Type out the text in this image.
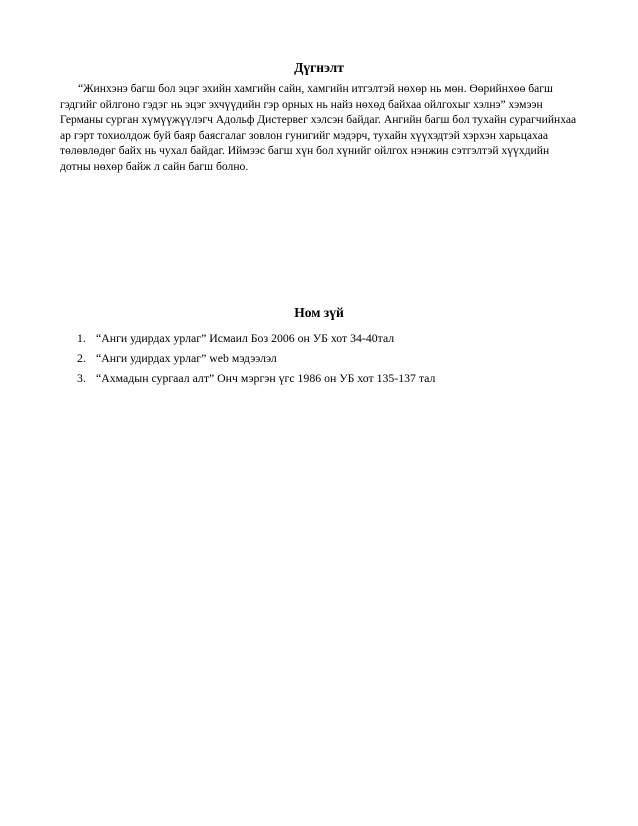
Дүгнэлт

“Жинхэнэ багш бол эцэг эхийн хамгийн сайн, хамгийн итгэлтэй нөхөр нь мөн. Өөрийнхөө багш гэдгийг ойлгоно гэдэг нь эцэг эхчүүдийн гэр орных нь найз нөхөд байхаа ойлгохыг хэлнэ” хэмээн Германы сурган хүмүүжүүлэгч Адольф Дистервег хэлсэн байдаг. Ангийн багш бол тухайн сурагчийнхаа ар гэрт тохиолдож буй баяр баясгалаг зовлон гунигийг мэдэрч, тухайн хүүхэдтэй хэрхэн харьцахаа төлөвлөдөг байх нь чухал байдаг. Иймээс багш хүн бол хүнийг ойлгох нэнжин сэтгэлтэй хүүхдийн дотны нөхөр байж л сайн багш болно.

Ном зүй
1. “Анги удирдах урлаг” Исмаил Боз 2006 он УБ хот 34-40тал
2. “Анги удирдах урлаг” web мэдээлэл
3. “Ахмадын сургаал алт” Онч мэргэн үгс 1986 он УБ хот 135-137 тал
